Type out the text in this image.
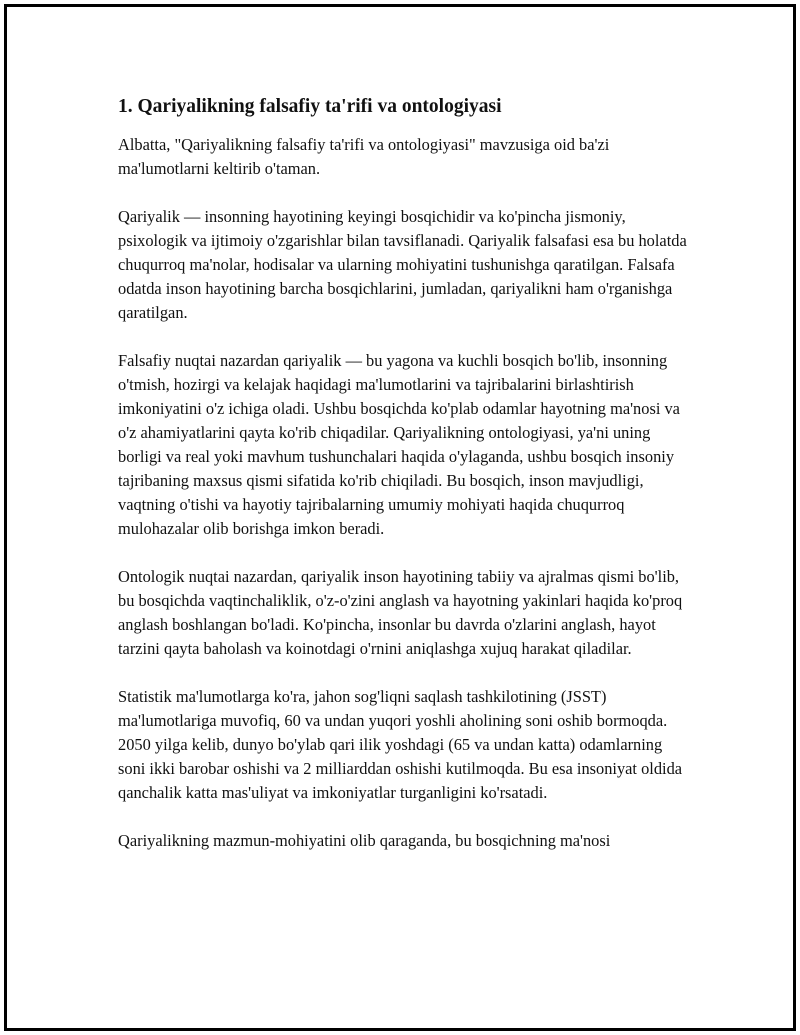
1. Qariyalikning falsafiy ta'rifi va ontologiyasi

Albatta, "Qariyalikning falsafiy ta'rifi va ontologiyasi" mavzusiga oid ba'zi ma'lumotlarni keltirib o'taman.

Qariyalik — insonning hayotining keyingi bosqichidir va ko'pincha jismoniy, psixologik va ijtimoiy o'zgarishlar bilan tavsiflanadi. Qariyalik falsafasi esa bu holatda chuqurroq ma'nolar, hodisalar va ularning mohiyatini tushunishga qaratilgan. Falsafa odatda inson hayotining barcha bosqichlarini, jumladan, qariyalikni ham o'rganishga qaratilgan.

Falsafiy nuqtai nazardan qariyalik — bu yagona va kuchli bosqich bo'lib, insonning o'tmish, hozirgi va kelajak haqidagi ma'lumotlarini va tajribalarini birlashtirish imkoniyatini o'z ichiga oladi. Ushbu bosqichda ko'plab odamlar hayotning ma'nosi va o'z ahamiyatlarini qayta ko'rib chiqadilar. Qariyalikning ontologiyasi, ya'ni uning borligi va real yoki mavhum tushunchalari haqida o'ylaganda, ushbu bosqich insoniy tajribaning maxsus qismi sifatida ko'rib chiqiladi. Bu bosqich, inson mavjudligi, vaqtning o'tishi va hayotiy tajribalarning umumiy mohiyati haqida chuqurroq mulohazalar olib borishga imkon beradi.

Ontologik nuqtai nazardan, qariyalik inson hayotining tabiiy va ajralmas qismi bo'lib, bu bosqichda vaqtinchaliklik, o'z-o'zini anglash va hayotning yakinlari haqida ko'proq anglash boshlangan bo'ladi. Ko'pincha, insonlar bu davrda o'zlarini anglash, hayot tarzini qayta baholash va koinotdagi o'rnini aniqlashga xujuq harakat qiladilar.

Statistik ma'lumotlarga ko'ra, jahon sog'liqni saqlash tashkilotining (JSST) ma'lumotlariga muvofiq, 60 va undan yuqori yoshli aholining soni oshib bormoqda. 2050 yilga kelib, dunyo bo'ylab qari ilik yoshdagi (65 va undan katta) odamlarning soni ikki barobar oshishi va 2 milliarddan oshishi kutilmoqda. Bu esa insoniyat oldida qanchalik katta mas'uliyat va imkoniyatlar turganligini ko'rsatadi.

Qariyalikning mazmun-mohiyatini olib qaraganda, bu bosqichning ma'nosi
